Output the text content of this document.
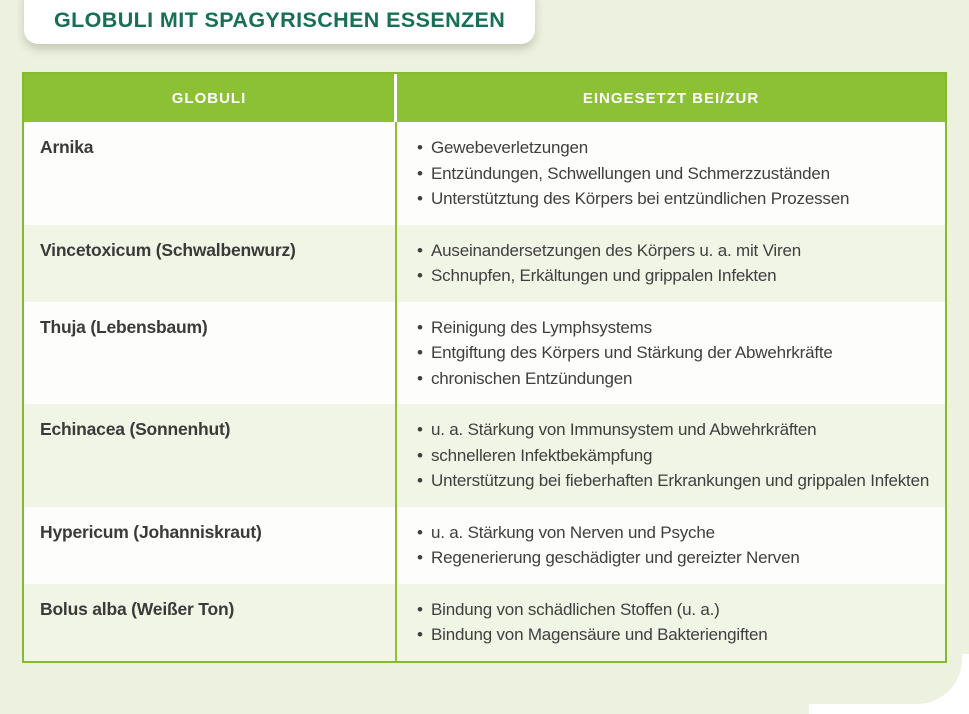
GLOBULI MIT SPAGYRISCHEN ESSENZEN
GLOBULI	EINGESETZT BEI/ZUR
Arnika	• Gewebeverletzungen
• Entzündungen, Schwellungen und Schmerzzuständen
• Unterstütztung des Körpers bei entzündlichen Prozessen
Vincetoxicum (Schwalbenwurz)	• Auseinandersetzungen des Körpers u. a. mit Viren
• Schnupfen, Erkältungen und grippalen Infekten
Thuja (Lebensbaum)	• Reinigung des Lymphsystems
• Entgiftung des Körpers und Stärkung der Abwehrkräfte
• chronischen Entzündungen
Echinacea (Sonnenhut)	• u. a. Stärkung von Immunsystem und Abwehrkräften
• schnelleren Infektbekämpfung
• Unterstützung bei fieberhaften Erkrankungen und grippalen Infekten
Hypericum (Johanniskraut)	• u. a. Stärkung von Nerven und Psyche
• Regenerierung geschädigter und gereizter Nerven
Bolus alba (Weißer Ton)	• Bindung von schädlichen Stoffen (u. a.)
• Bindung von Magensäure und Bakteriengiften
